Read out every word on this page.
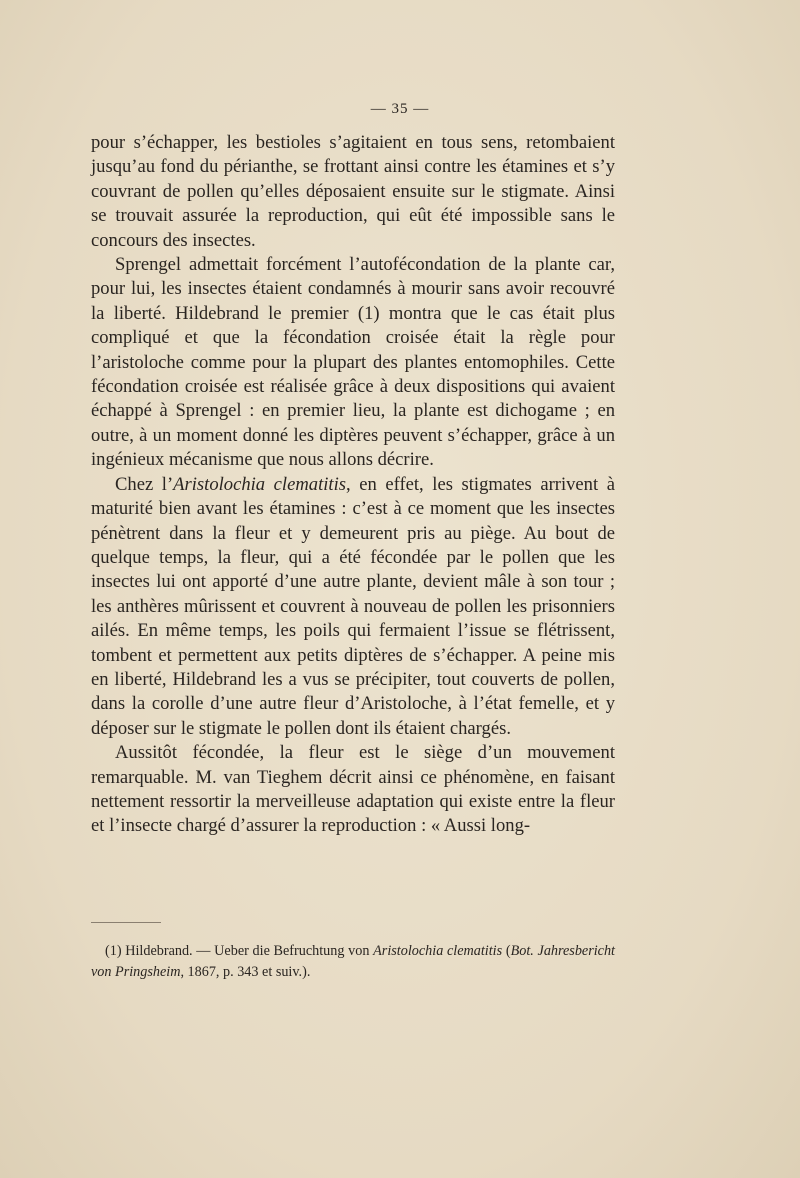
— 35 —

pour s’échapper, les bestioles s’agitaient en tous sens, retombaient jusqu’au fond du périanthe, se frottant ainsi contre les étamines et s’y couvrant de pollen qu’elles déposaient ensuite sur le stigmate. Ainsi se trouvait assurée la reproduction, qui eût été impossible sans le concours des insectes.

Sprengel admettait forcément l’autofécondation de la plante car, pour lui, les insectes étaient condamnés à mourir sans avoir recouvré la liberté. Hildebrand le premier (1) montra que le cas était plus compliqué et que la fécondation croisée était la règle pour l’aristoloche comme pour la plupart des plantes entomophiles. Cette fécondation croisée est réalisée grâce à deux dispositions qui avaient échappé à Sprengel : en premier lieu, la plante est dichogame ; en outre, à un moment donné les diptères peuvent s’échapper, grâce à un ingénieux mécanisme que nous allons décrire.

Chez l’Aristolochia clematitis, en effet, les stigmates arrivent à maturité bien avant les étamines : c’est à ce moment que les insectes pénètrent dans la fleur et y demeurent pris au piège. Au bout de quelque temps, la fleur, qui a été fécondée par le pollen que les insectes lui ont apporté d’une autre plante, devient mâle à son tour ; les anthères mûrissent et couvrent à nouveau de pollen les prisonniers ailés. En même temps, les poils qui fermaient l’issue se flétrissent, tombent et permettent aux petits diptères de s’échapper. A peine mis en liberté, Hildebrand les a vus se précipiter, tout couverts de pollen, dans la corolle d’une autre fleur d’Aristoloche, à l’état femelle, et y déposer sur le stigmate le pollen dont ils étaient chargés.

Aussitôt fécondée, la fleur est le siège d’un mouvement remarquable. M. van Tieghem décrit ainsi ce phénomène, en faisant nettement ressortir la merveilleuse adaptation qui existe entre la fleur et l’insecte chargé d’assurer la reproduction : « Aussi long-

(1) Hildebrand. — Ueber die Befruchtung von Aristolochia clematitis (Bot. Jahresbericht von Pringsheim, 1867, p. 343 et suiv.).
